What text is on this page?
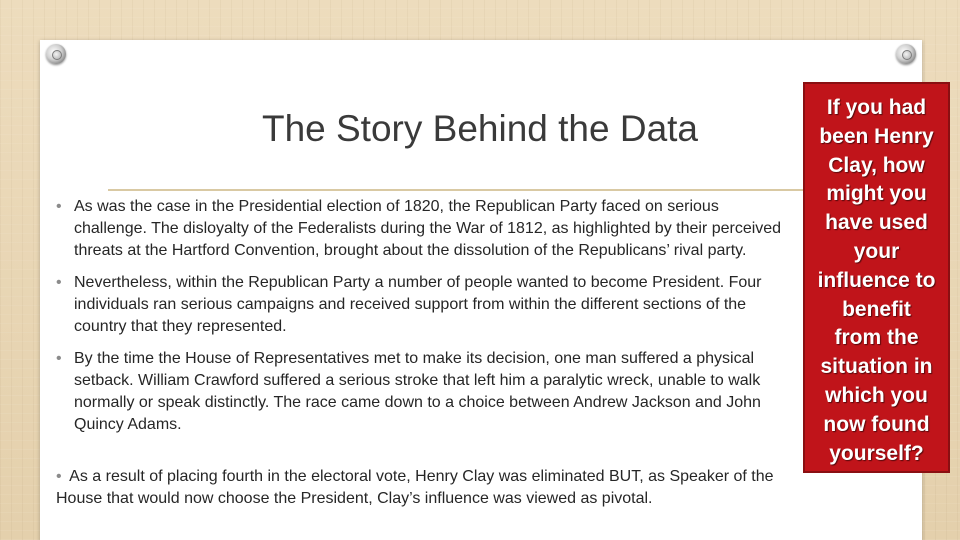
The Story Behind the Data
• As was the case in the Presidential election of 1820, the Republican Party faced on serious challenge. The disloyalty of the Federalists during the War of 1812, as highlighted by their perceived threats at the Hartford Convention, brought about the dissolution of the Republicans’ rival party.
• Nevertheless, within the Republican Party a number of people wanted to become President. Four individuals ran serious campaigns and received support from within the different sections of the country that they represented.
• By the time the House of Representatives met to make its decision, one man suffered a physical setback. William Crawford suffered a serious stroke that left him a paralytic wreck, unable to walk normally or speak distinctly. The race came down to a choice between Andrew Jackson and John Quincy Adams.

• As a result of placing fourth in the electoral vote, Henry Clay was eliminated BUT, as Speaker of the House that would now choose the President, Clay’s influence was viewed as pivotal.

If you had
been Henry
Clay, how
might you
have used
your
influence to
benefit
from the
situation in
which you
now found
yourself?
